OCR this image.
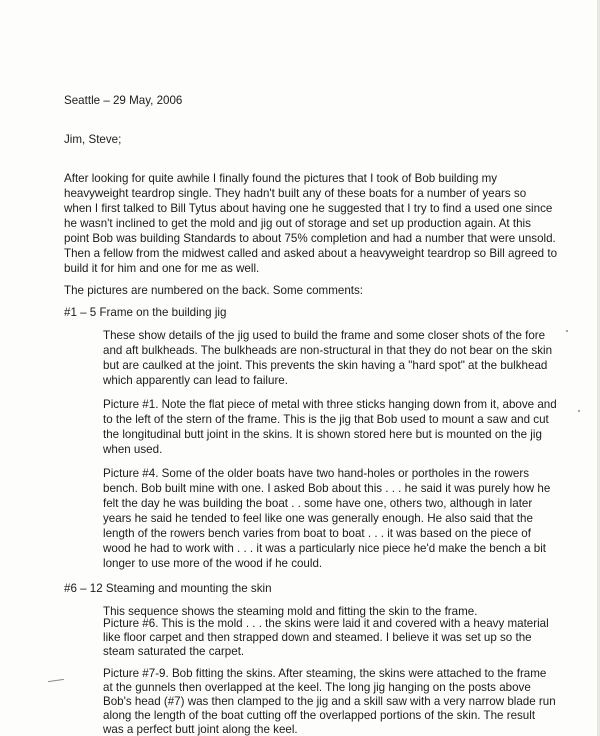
Seattle – 29 May, 2006
Jim, Steve;
After looking for quite awhile I finally found the pictures that I took of Bob building my
heavyweight teardrop single. They hadn't built any of these boats for a number of years so
when I first talked to Bill Tytus about having one he suggested that I try to find a used one since
he wasn't inclined to get the mold and jig out of storage and set up production again. At this
point Bob was building Standards to about 75% completion and had a number that were unsold.
Then a fellow from the midwest called and asked about a heavyweight teardrop so Bill agreed to
build it for him and one for me as well.
The pictures are numbered on the back. Some comments:
#1 – 5 Frame on the building jig
These show details of the jig used to build the frame and some closer shots of the fore
and aft bulkheads. The bulkheads are non-structural in that they do not bear on the skin
but are caulked at the joint. This prevents the skin having a "hard spot" at the bulkhead
which apparently can lead to failure.
Picture #1. Note the flat piece of metal with three sticks hanging down from it, above and
to the left of the stern of the frame. This is the jig that Bob used to mount a saw and cut
the longitudinal butt joint in the skins. It is shown stored here but is mounted on the jig
when used.
Picture #4. Some of the older boats have two hand-holes or portholes in the rowers
bench. Bob built mine with one. I asked Bob about this . . . he said it was purely how he
felt the day he was building the boat . . some have one, others two, although in later
years he said he tended to feel like one was generally enough. He also said that the
length of the rowers bench varies from boat to boat . . . it was based on the piece of
wood he had to work with . . . it was a particularly nice piece he'd make the bench a bit
longer to use more of the wood if he could.
#6 – 12 Steaming and mounting the skin
This sequence shows the steaming mold and fitting the skin to the frame.
Picture #6. This is the mold . . . the skins were laid it and covered with a heavy material
like floor carpet and then strapped down and steamed. I believe it was set up so the
steam saturated the carpet.
Picture #7-9. Bob fitting the skins. After steaming, the skins were attached to the frame
at the gunnels then overlapped at the keel. The long jig hanging on the posts above
Bob's head (#7) was then clamped to the jig and a skill saw with a very narrow blade run
along the length of the boat cutting off the overlapped portions of the skin. The result
was a perfect butt joint along the keel.
